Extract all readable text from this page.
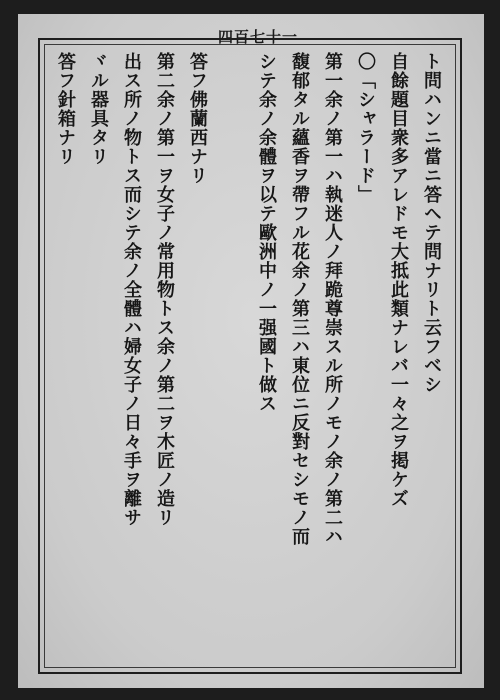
四百七十一
ト問ハンニ當ニ答ヘテ問ナリト云フベシ
自餘題目衆多アレドモ大抵此類ナレバ一々之ヲ掲ケズ
〇「シャラード」
第一余ノ第一ハ執迷人ノ拜跪尊崇スル所ノモノ余ノ第二ハ
馥郁タル蘊香ヲ帶フル花余ノ第三ハ東位ニ反對セシモノ而
シテ余ノ余體ヲ以テ歐洲中ノ一强國ト做ス
答フ佛蘭西ナリ
第二余ノ第一ヲ女子ノ常用物トス余ノ第二ヲ木匠ノ造リ
出ス所ノ物トス而シテ余ノ全體ハ婦女子ノ日々手ヲ離サ
ヾル器具タリ
答フ針箱ナリ
